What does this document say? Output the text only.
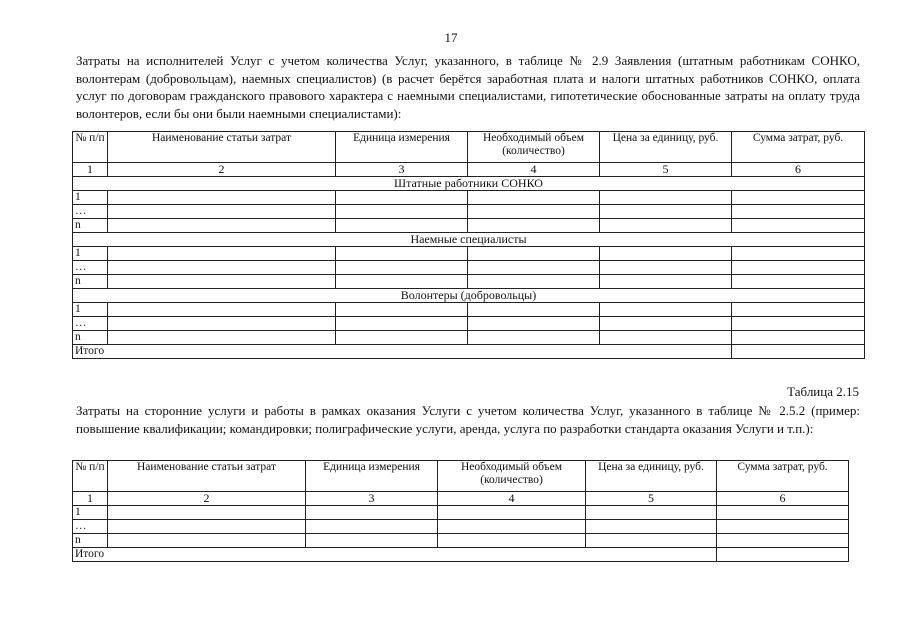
17
Затраты на исполнителей Услуг с учетом количества Услуг, указанного, в таблице № 2.9 Заявления (штатным работникам СОНКО, волонтерам (добровольцам), наемных специалистов) (в расчет берётся заработная плата и налоги штатных работников СОНКО, оплата услуг по договорам гражданского правового характера с наемными специалистами, гипотетические обоснованные затраты на оплату труда волонтеров, если бы они были наемными специалистами):
№ п/п	Наименование статьи затрат	Единица измерения	Необходимый объем (количество)	Цена за единицу, руб.	Сумма затрат, руб.
1	2	3	4	5	6
Штатные работники СОНКО					
1					
…					
n					
Наемные специалисты					
1					
…					
n					
Волонтеры (добровольцы)					
1					
…					
n					
Итого					
Таблица 2.15
Затраты на сторонние услуги и работы в рамках оказания Услуги с учетом количества Услуг, указанного в таблице № 2.5.2 (пример: повышение квалификации; командировки; полиграфические услуги, аренда, услуга по разработки стандарта оказания Услуги и т.п.):
№ п/п	Наименование статьи затрат	Единица измерения	Необходимый объем (количество)	Цена за единицу, руб.	Сумма затрат, руб.
1	2	3	4	5	6
1					
…					
n					
Итого					
